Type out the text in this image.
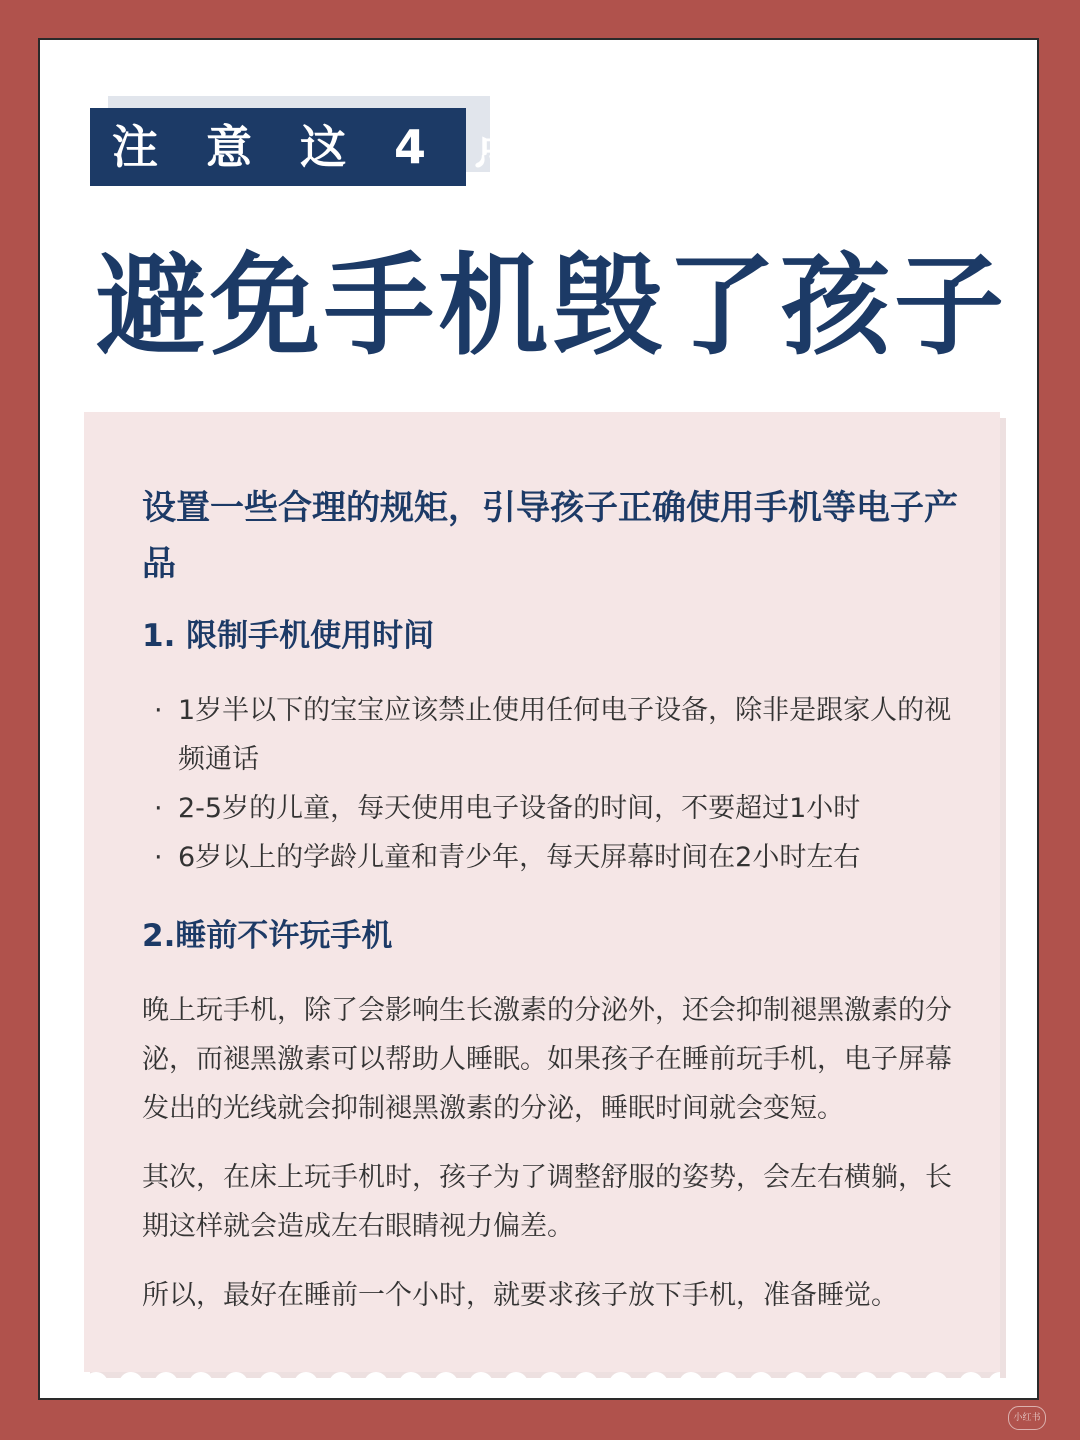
注 意 这 4 点
避免手机毁了孩子

设置一些合理的规矩，引导孩子正确使用手机等电子产品

1. 限制手机使用时间
· 1岁半以下的宝宝应该禁止使用任何电子设备，除非是跟家人的视频通话
· 2-5岁的儿童，每天使用电子设备的时间，不要超过1小时
· 6岁以上的学龄儿童和青少年，每天屏幕时间在2小时左右
2.睡前不许玩手机

晚上玩手机，除了会影响生长激素的分泌外，还会抑制褪黑激素的分泌，而褪黑激素可以帮助人睡眠。如果孩子在睡前玩手机，电子屏幕发出的光线就会抑制褪黑激素的分泌，睡眠时间就会变短。

其次，在床上玩手机时，孩子为了调整舒服的姿势，会左右横躺，长期这样就会造成左右眼睛视力偏差。

所以，最好在睡前一个小时，就要求孩子放下手机，准备睡觉。

小红书
